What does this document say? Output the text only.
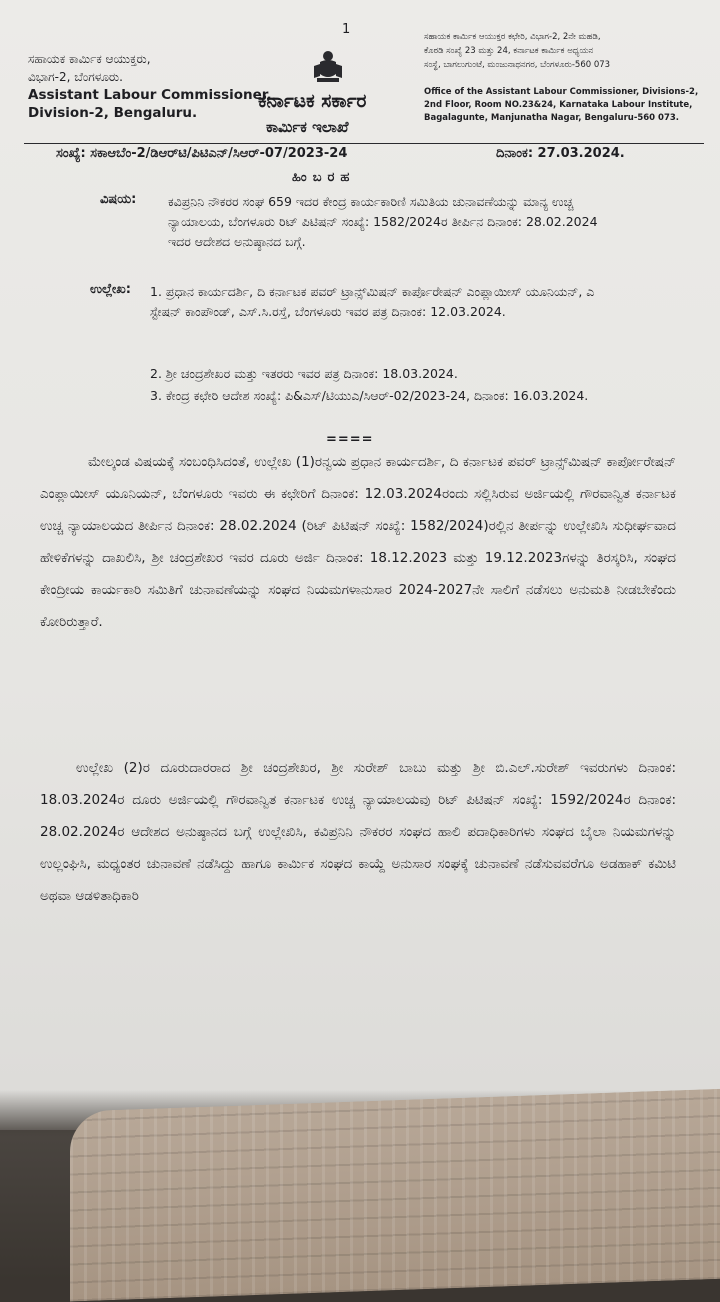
1
ಸಹಾಯಕ ಕಾರ್ಮಿಕ ಆಯುಕ್ತರು,
ವಿಭಾಗ-2, ಬೆಂಗಳೂರು.
Assistant Labour Commissioner,
Division-2, Bengaluru.
ಕರ್ನಾಟಕ ಸರ್ಕಾರ
ಕಾರ್ಮಿಕ ಇಲಾಖೆ
ಸಹಾಯಕ ಕಾರ್ಮಿಕ ಆಯುಕ್ತರ ಕಛೇರಿ, ವಿಭಾಗ-2, 2ನೇ ಮಹಡಿ,
ಕೊಠಡಿ ಸಂಖ್ಯೆ 23 ಮತ್ತು 24, ಕರ್ನಾಟಕ ಕಾರ್ಮಿಕ ಅಧ್ಯಯನ
ಸಂಸ್ಥೆ, ಬಾಗಲುಗುಂಟೆ, ಮಂಜುನಾಥನಗರ, ಬೆಂಗಳೂರು-560 073
Office of the Assistant Labour Commissioner, Divisions-2,
2nd Floor, Room NO.23&24, Karnataka Labour Institute,
Bagalagunte, Manjunatha Nagar, Bengaluru-560 073.
ಸಂಖ್ಯೆ: ಸಕಾಆಬೆಂ-2/ಡಿಆರ್‌ಟಿ/ಪಿಟಿಎನ್/ಸಿಆರ್-07/2023-24	ದಿನಾಂಕ: 27.03.2024.
ಹಿಂಬರಹ
ವಿಷಯ:	ಕವಿಪ್ರನಿನಿ ನೌಕರರ ಸಂಘ 659 ಇದರ ಕೇಂದ್ರ ಕಾರ್ಯಕಾರಿಣಿ ಸಮಿತಿಯ ಚುನಾವಣೆಯನ್ನು ಮಾನ್ಯ ಉಚ್ಚ ನ್ಯಾಯಾಲಯ, ಬೆಂಗಳೂರು ರಿಟ್ ಪಿಟಿಷನ್ ಸಂಖ್ಯೆ: 1582/2024ರ ತೀರ್ಪಿನ ದಿನಾಂಕ: 28.02.2024 ಇದರ ಆದೇಶದ ಅನುಷ್ಠಾನದ ಬಗ್ಗೆ.
ಉಲ್ಲೇಖ: 1. ಪ್ರಧಾನ ಕಾರ್ಯದರ್ಶಿ, ದಿ ಕರ್ನಾಟಕ ಪವರ್ ಟ್ರಾನ್ಸ್‌ಮಿಷನ್ ಕಾರ್ಪೊರೇಷನ್ ಎಂಪ್ಲಾಯೀಸ್ ಯೂನಿಯನ್, ಎ ಸ್ಟೇಷನ್ ಕಾಂಪೌಂಡ್, ಎಸ್.ಸಿ.ರಸ್ತೆ, ಬೆಂಗಳೂರು ಇವರ ಪತ್ರ ದಿನಾಂಕ: 12.03.2024.
2. ಶ್ರೀ ಚಂದ್ರಶೇಖರ ಮತ್ತು ಇತರರು ಇವರ ಪತ್ರ ದಿನಾಂಕ: 18.03.2024.
3. ಕೇಂದ್ರ ಕಛೇರಿ ಆದೇಶ ಸಂಖ್ಯೆ: ಪಿ&ಎಸ್/ಟಿಯುಎ/ಸಿಆರ್-02/2023-24, ದಿನಾಂಕ: 16.03.2024.
====
ಮೇಲ್ಕಂಡ ವಿಷಯಕ್ಕೆ ಸಂಬಂಧಿಸಿದಂತೆ, ಉಲ್ಲೇಖ (1)ರನ್ವಯ ಪ್ರಧಾನ ಕಾರ್ಯದರ್ಶಿ, ದಿ ಕರ್ನಾಟಕ ಪವರ್ ಟ್ರಾನ್ಸ್‌ಮಿಷನ್ ಕಾರ್ಪೋರೇಷನ್ ಎಂಪ್ಲಾಯೀಸ್ ಯೂನಿಯನ್, ಬೆಂಗಳೂರು ಇವರು ಈ ಕಛೇರಿಗೆ ದಿನಾಂಕ: 12.03.2024ರಂದು ಸಲ್ಲಿಸಿರುವ ಅರ್ಜಿಯಲ್ಲಿ ಗೌರವಾನ್ವಿತ ಕರ್ನಾಟಕ ಉಚ್ಚ ನ್ಯಾಯಾಲಯದ ತೀರ್ಪಿನ ದಿನಾಂಕ: 28.02.2024 (ರಿಟ್ ಪಿಟಿಷನ್ ಸಂಖ್ಯೆ: 1582/2024)ರಲ್ಲಿನ ತೀರ್ಪನ್ನು ಉಲ್ಲೇಖಿಸಿ ಸುಧೀರ್ಘವಾದ ಹೇಳಿಕೆಗಳನ್ನು ದಾಖಲಿಸಿ, ಶ್ರೀ ಚಂದ್ರಶೇಖರ ಇವರ ದೂರು ಅರ್ಜಿ ದಿನಾಂಕ: 18.12.2023 ಮತ್ತು 19.12.2023ಗಳನ್ನು ತಿರಸ್ಕರಿಸಿ, ಸಂಘದ ಕೇಂದ್ರೀಯ ಕಾರ್ಯಕಾರಿ ಸಮಿತಿಗೆ ಚುನಾವಣೆಯನ್ನು ಸಂಘದ ನಿಯಮಗಳಾನುಸಾರ 2024-2027ನೇ ಸಾಲಿಗೆ ನಡೆಸಲು ಅನುಮತಿ ನೀಡಬೇಕೆಂದು ಕೋರಿರುತ್ತಾರೆ.
ಉಲ್ಲೇಖ (2)ರ ದೂರುದಾರರಾದ ಶ್ರೀ ಚಂದ್ರಶೇಖರ, ಶ್ರೀ ಸುರೇಶ್ ಬಾಬು ಮತ್ತು ಶ್ರೀ ಬಿ.ಎಲ್.ಸುರೇಶ್ ಇವರುಗಳು ದಿನಾಂಕ: 18.03.2024ರ ದೂರು ಅರ್ಜಿಯಲ್ಲಿ ಗೌರವಾನ್ವಿತ ಕರ್ನಾಟಕ ಉಚ್ಚ ನ್ಯಾಯಾಲಯವು ರಿಟ್ ಪಿಟಿಷನ್ ಸಂಖ್ಯೆ: 1592/2024ರ ದಿನಾಂಕ: 28.02.2024ರ ಆದೇಶದ ಅನುಷ್ಠಾನದ ಬಗ್ಗೆ ಉಲ್ಲೇಖಿಸಿ, ಕವಿಪ್ರನಿನಿ ನೌಕರರ ಸಂಘದ ಹಾಲಿ ಪದಾಧಿಕಾರಿಗಳು ಸಂಘದ ಬೈಲಾ ನಿಯಮಗಳನ್ನು ಉಲ್ಲಂಘಿಸಿ, ಮಧ್ಯಂತರ ಚುನಾವಣೆ ನಡೆಸಿದ್ದು ಹಾಗೂ ಕಾರ್ಮಿಕ ಸಂಘದ ಕಾಯ್ದೆ ಅನುಸಾರ ಸಂಘಕ್ಕೆ ಚುನಾವಣೆ ನಡೆಸುವವರೆಗೂ ಅಡಹಾಕ್ ಕಮಿಟಿ ಅಥವಾ ಆಡಳಿತಾಧಿಕಾರಿ
